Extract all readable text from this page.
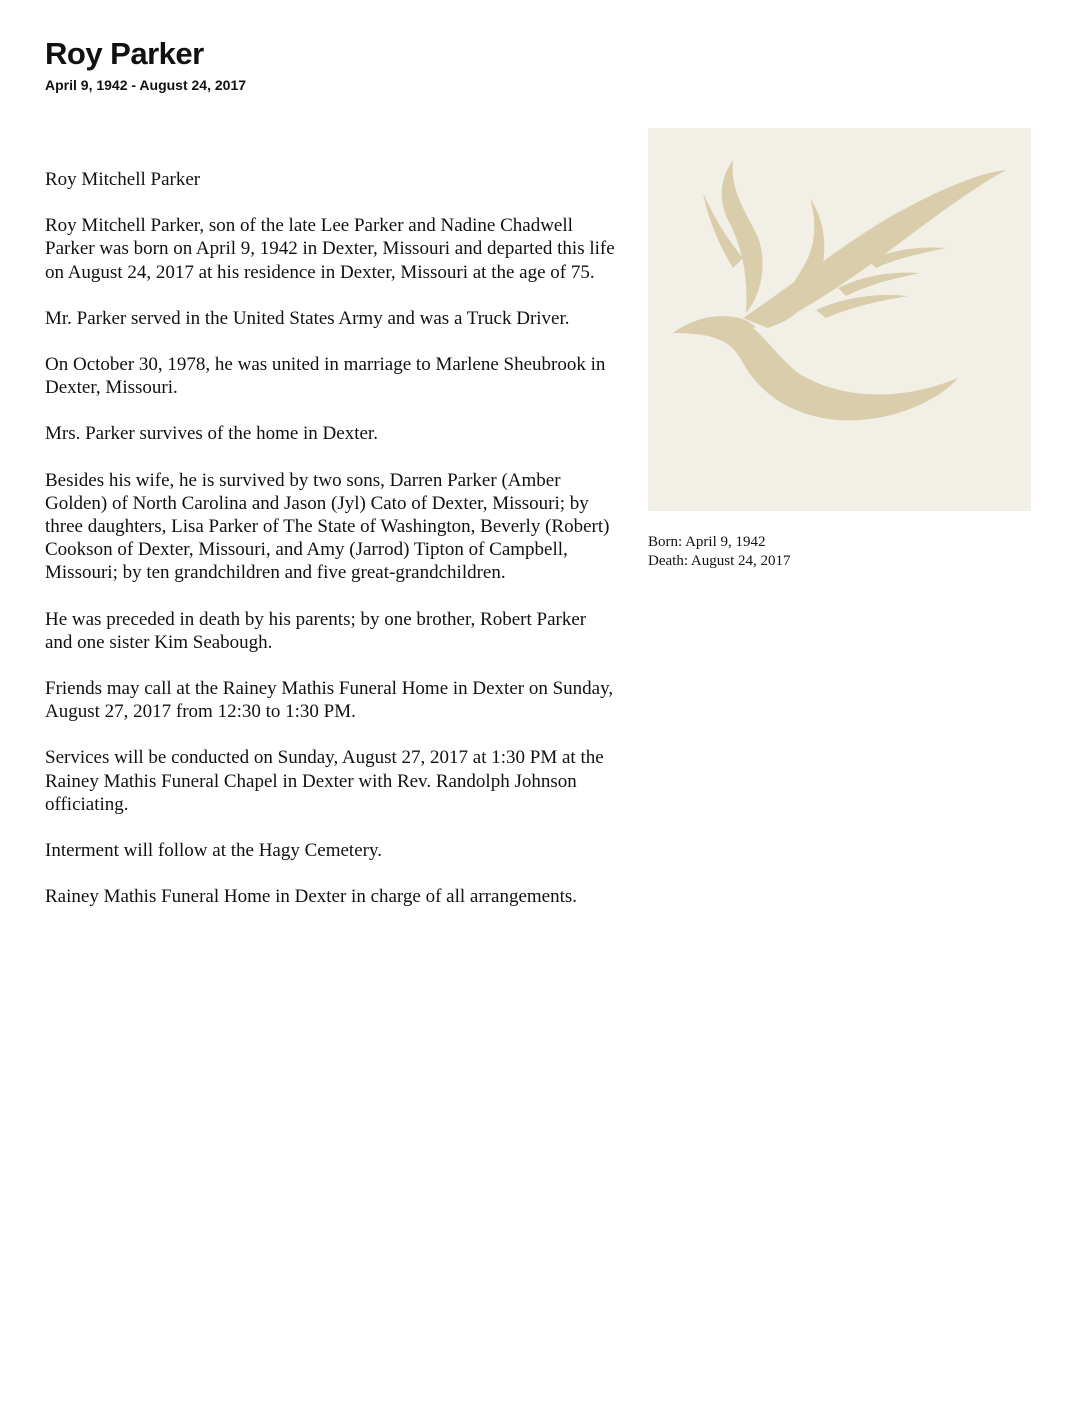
Roy Parker
April 9, 1942 - August 24, 2017

Roy Mitchell Parker

Roy Mitchell Parker, son of the late Lee Parker and Nadine Chadwell Parker was born on April 9, 1942 in Dexter, Missouri and departed this life on August 24, 2017 at his residence in Dexter, Missouri at the age of 75.

Mr. Parker served in the United States Army and was a Truck Driver.

On October 30, 1978, he was united in marriage to Marlene Sheubrook in Dexter, Missouri.

Mrs. Parker survives of the home in Dexter.

Besides his wife, he is survived by two sons, Darren Parker (Amber Golden) of North Carolina and Jason (Jyl) Cato of Dexter, Missouri; by three daughters, Lisa Parker of The State of Washington, Beverly (Robert) Cookson of Dexter, Missouri, and Amy (Jarrod) Tipton of Campbell, Missouri; by ten grandchildren and five great-grandchildren.

He was preceded in death by his parents; by one brother, Robert Parker and one sister Kim Seabough.

Friends may call at the Rainey Mathis Funeral Home in Dexter on Sunday, August 27, 2017 from 12:30 to 1:30 PM.

Services will be conducted on Sunday, August 27, 2017 at 1:30 PM at the Rainey Mathis Funeral Chapel in Dexter with Rev. Randolph Johnson officiating.

Interment will follow at the Hagy Cemetery.

Rainey Mathis Funeral Home in Dexter in charge of all arrangements.

Born: April 9, 1942
Death: August 24, 2017
